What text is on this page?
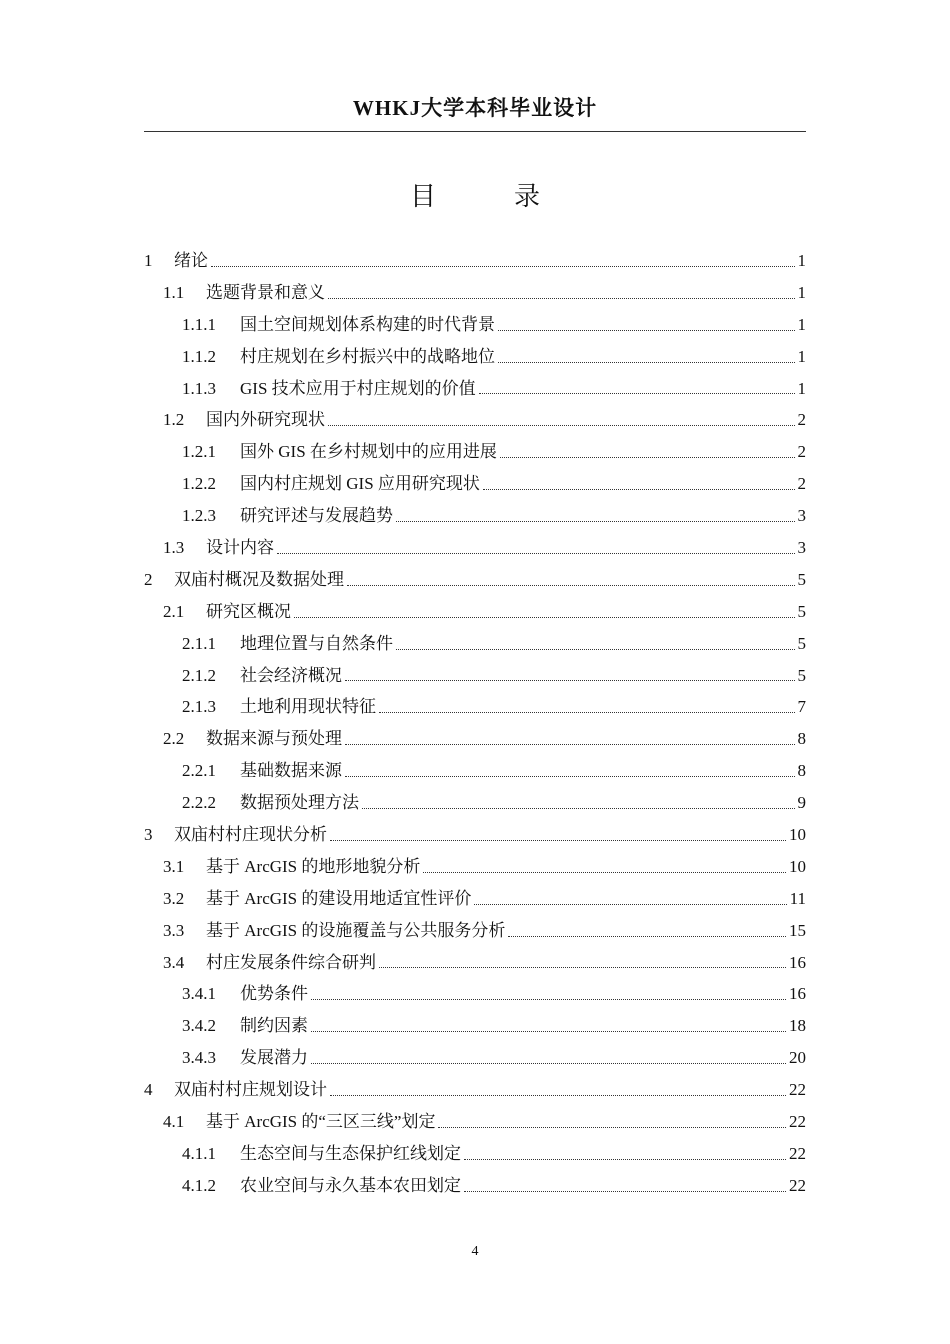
WHKJ大学本科毕业设计
目　录
1	绪论	1
1.1	选题背景和意义	1
1.1.1	国土空间规划体系构建的时代背景	1
1.1.2	村庄规划在乡村振兴中的战略地位	1
1.1.3	GIS 技术应用于村庄规划的价值	1
1.2	国内外研究现状	2
1.2.1	国外 GIS 在乡村规划中的应用进展	2
1.2.2	国内村庄规划 GIS 应用研究现状	2
1.2.3	研究评述与发展趋势	3
1.3	设计内容	3
2	双庙村概况及数据处理	5
2.1	研究区概况	5
2.1.1	地理位置与自然条件	5
2.1.2	社会经济概况	5
2.1.3	土地利用现状特征	7
2.2	数据来源与预处理	8
2.2.1	基础数据来源	8
2.2.2	数据预处理方法	9
3	双庙村村庄现状分析	10
3.1	基于 ArcGIS 的地形地貌分析	10
3.2	基于 ArcGIS 的建设用地适宜性评价	11
3.3	基于 ArcGIS 的设施覆盖与公共服务分析	15
3.4	村庄发展条件综合研判	16
3.4.1	优势条件	16
3.4.2	制约因素	18
3.4.3	发展潜力	20
4	双庙村村庄规划设计	22
4.1	基于 ArcGIS 的“三区三线”划定	22
4.1.1	生态空间与生态保护红线划定	22
4.1.2	农业空间与永久基本农田划定	22
4
